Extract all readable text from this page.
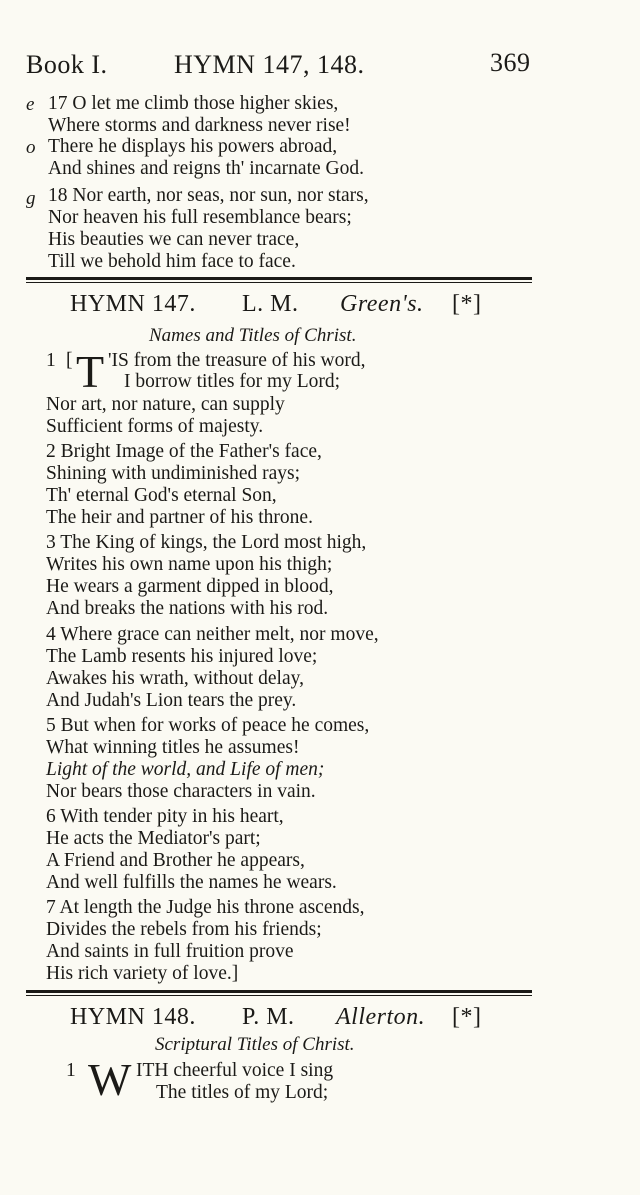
Book I.	HYMN 147, 148.	369
e 17 O let me climb those higher skies,
Where storms and darkness never rise!
o There he displays his powers abroad,
And shines and reigns th' incarnate God.
g 18 Nor earth, nor seas, nor sun, nor stars,
Nor heaven his full resemblance bears;
His beauties we can never trace,
Till we behold him face to face.
HYMN 147. L. M. Green's. [*]
Names and Titles of Christ.
1 [ T 'IS from the treasure of his word,
I borrow titles for my Lord;
Nor art, nor nature, can supply
Sufficient forms of majesty.
2 Bright Image of the Father's face,
Shining with undiminished rays;
Th' eternal God's eternal Son,
The heir and partner of his throne.
3 The King of kings, the Lord most high,
Writes his own name upon his thigh;
He wears a garment dipped in blood,
And breaks the nations with his rod.
4 Where grace can neither melt, nor move,
The Lamb resents his injured love;
Awakes his wrath, without delay,
And Judah's Lion tears the prey.
5 But when for works of peace he comes,
What winning titles he assumes!
Light of the world, and Life of men;
Nor bears those characters in vain.
6 With tender pity in his heart,
He acts the Mediator's part;
A Friend and Brother he appears,
And well fulfills the names he wears.
7 At length the Judge his throne ascends,
Divides the rebels from his friends;
And saints in full fruition prove
His rich variety of love.]
HYMN 148. P. M. Allerton. [*]
Scriptural Titles of Christ.
1 W ITH cheerful voice I sing
The titles of my Lord;
